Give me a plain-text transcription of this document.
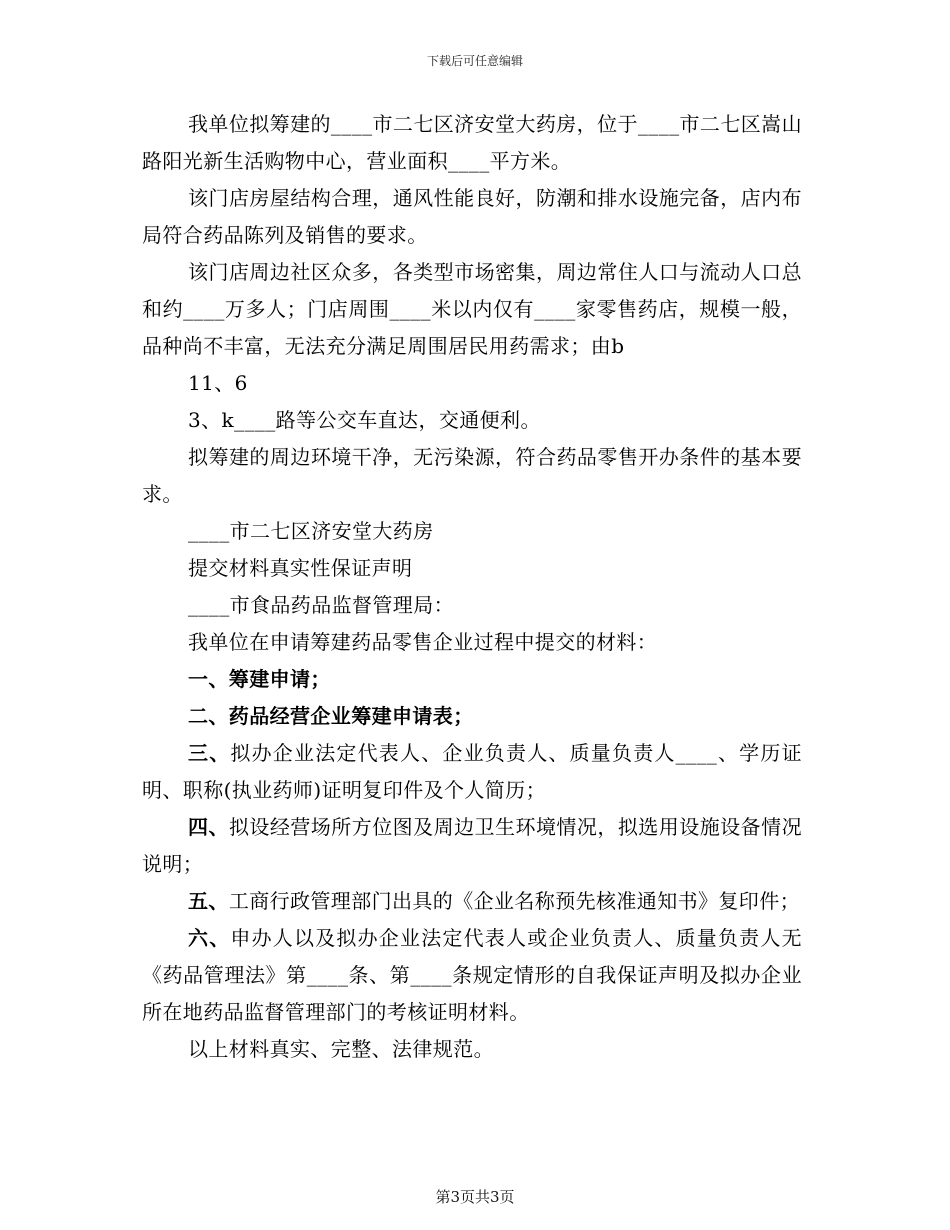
下载后可任意编辑

我单位拟筹建的____市二七区济安堂大药房，位于____市二七区嵩山路阳光新生活购物中心，营业面积____平方米。

该门店房屋结构合理，通风性能良好，防潮和排水设施完备，店内布局符合药品陈列及销售的要求。

该门店周边社区众多，各类型市场密集，周边常住人口与流动人口总和约____万多人；门店周围____米以内仅有____家零售药店，规模一般，品种尚不丰富，无法充分满足周围居民用药需求；由b

11、6

3、k____路等公交车直达，交通便利。

拟筹建的周边环境干净，无污染源，符合药品零售开办条件的基本要求。

____市二七区济安堂大药房

提交材料真实性保证声明

____市食品药品监督管理局：

我单位在申请筹建药品零售企业过程中提交的材料：

一、筹建申请；

二、药品经营企业筹建申请表；

三、拟办企业法定代表人、企业负责人、质量负责人____、学历证明、职称(执业药师)证明复印件及个人简历；

四、拟设经营场所方位图及周边卫生环境情况，拟选用设施设备情况说明；

五、工商行政管理部门出具的《企业名称预先核准通知书》复印件；

六、申办人以及拟办企业法定代表人或企业负责人、质量负责人无《药品管理法》第____条、第____条规定情形的自我保证声明及拟办企业所在地药品监督管理部门的考核证明材料。

以上材料真实、完整、法律规范。

第3页共3页
